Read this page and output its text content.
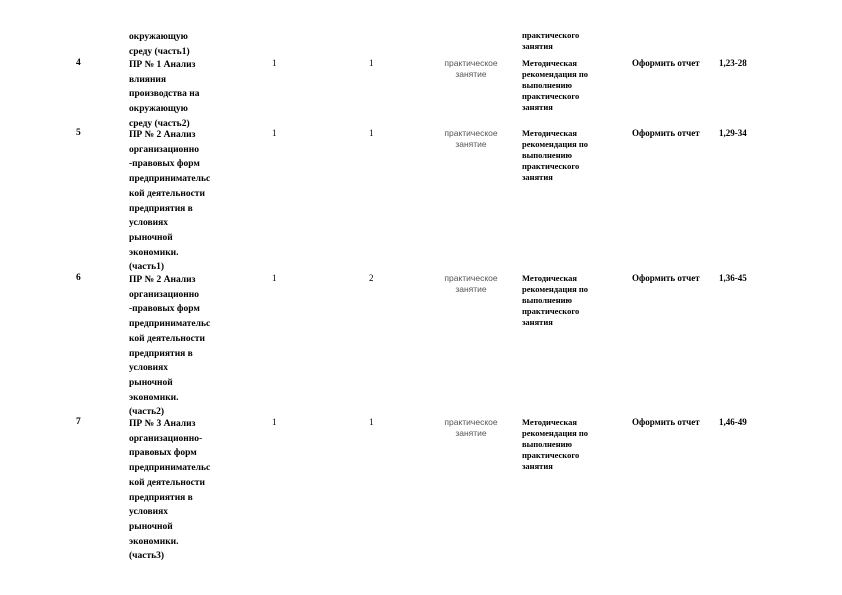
окружающую
среду (часть1)
практического
занятия
4	ПР № 1 Анализ
влияния
производства на
окружающую
среду (часть2)
1	1	практическое
занятие
Методическая
рекомендация по
выполнению
практического
занятия
Оформить отчет 1,23-28
5	ПР № 2 Анализ
организационно
-правовых форм
предпринимательс
кой деятельности
предприятия в
условиях
рыночной
экономики.
(часть1)
1	1	практическое
занятие
Методическая
рекомендация по
выполнению
практического
занятия
Оформить отчет 1,29-34
6	ПР № 2 Анализ
организационно
-правовых форм
предпринимательс
кой деятельности
предприятия в
условиях
рыночной
экономики.
(часть2)
1	2	практическое
занятие
Методическая
рекомендация по
выполнению
практического
занятия
Оформить отчет 1,36-45
7	ПР № 3 Анализ
организационно-
правовых форм
предпринимательс
кой деятельности
предприятия в
условиях
рыночной
экономики.
(часть3)
1	1	практическое
занятие
Методическая
рекомендация по
выполнению
практического
занятия
Оформить отчет 1,46-49
